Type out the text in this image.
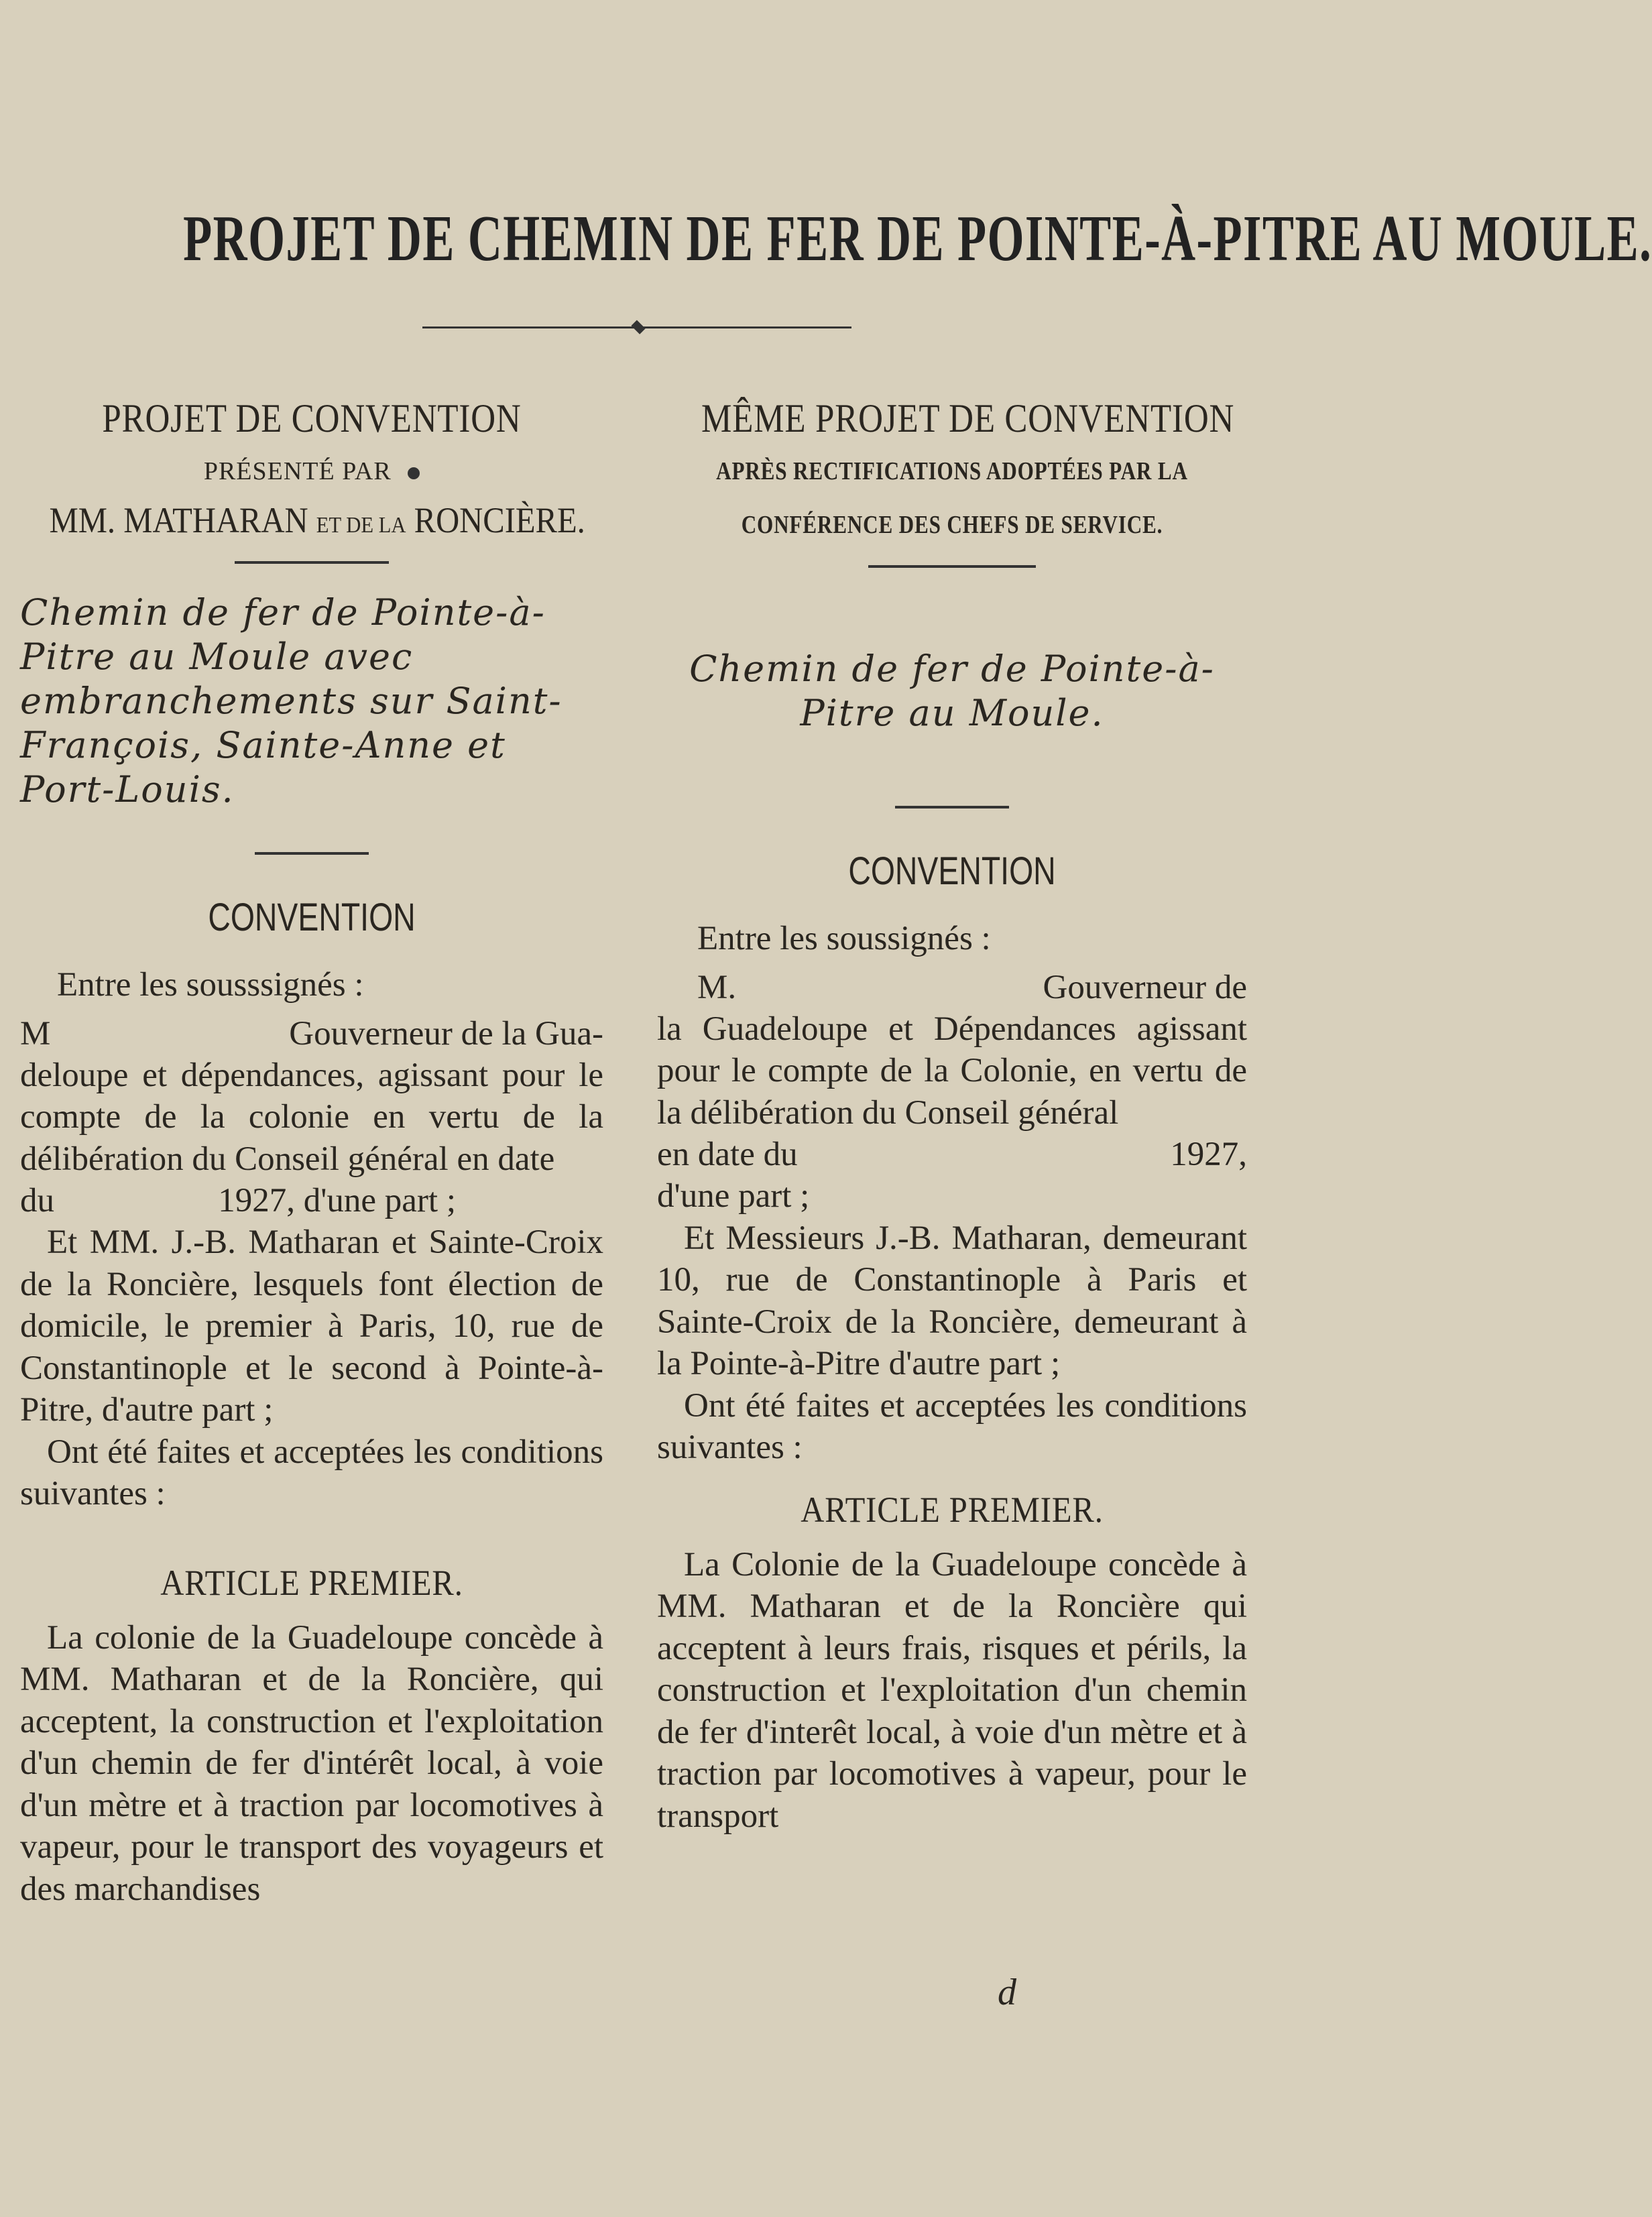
PROJET DE CHEMIN DE FER DE POINTE-À-PITRE AU MOULE.
PROJET DE CONVENTION
PRÉSENTÉ PAR
MM. MATHARAN ET DE LA RONCIÈRE.
Chemin de fer de Pointe-à-Pitre au Moule avec embranchements sur Saint-François, Sainte-Anne et Port-Louis.
CONVENTION

Entre les sousssignés :

M	Gouverneur de la Gua-

deloupe et dépendances, agissant pour le compte de la colonie en vertu de la délibération du Conseil général en date

du	1927, d'une part ;

Et MM. J.-B. Matharan et Sainte-Croix de la Roncière, lesquels font élection de domicile, le premier à Paris, 10, rue de Constantinople et le second à Pointe-à-Pitre, d'autre part ;

Ont été faites et acceptées les conditions suivantes :

ARTICLE PREMIER.

La colonie de la Guadeloupe concède à MM. Matharan et de la Roncière, qui acceptent, la construction et l'exploitation d'un chemin de fer d'intérêt local, à voie d'un mètre et à traction par locomotives à vapeur, pour le transport des voyageurs et des marchandises

MÊME PROJET DE CONVENTION
APRÈS RECTIFICATIONS ADOPTÉES PAR LA
CONFÉRENCE DES CHEFS DE SERVICE.
Chemin de fer de Pointe-à-Pitre au Moule.
CONVENTION

Entre les soussignés :

M.	Gouverneur de

la Guadeloupe et Dépendances agissant pour le compte de la Colonie, en vertu de la délibération du Conseil général

en date du	1927,

d'une part ;

Et Messieurs J.-B. Matharan, demeurant 10, rue de Constantinople à Paris et Sainte-Croix de la Roncière, demeurant à la Pointe-à-Pitre d'autre part ;

Ont été faites et acceptées les conditions suivantes :

ARTICLE PREMIER.

La Colonie de la Guadeloupe concède à MM. Matharan et de la Roncière qui acceptent à leurs frais, risques et périls, la construction et l'exploitation d'un chemin de fer d'interêt local, à voie d'un mètre et à traction par locomotives à vapeur, pour le transport

d
